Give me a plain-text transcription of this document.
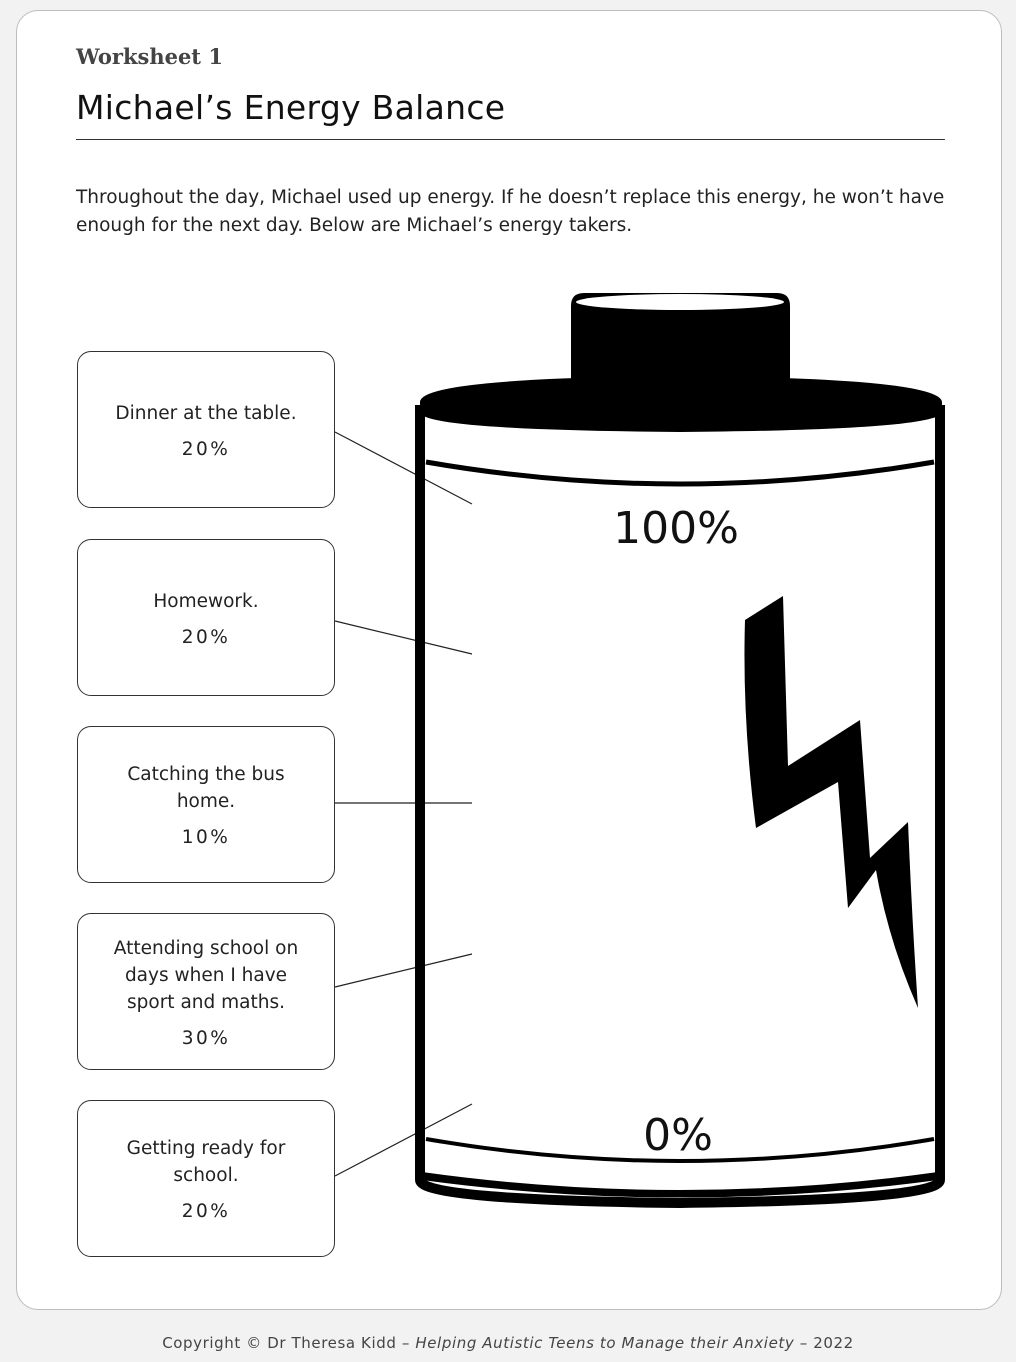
Worksheet 1
Michael’s Energy Balance
Throughout the day, Michael used up energy. If he doesn’t replace this energy, he won’t have enough for the next day. Below are Michael’s energy takers.
100%
0%
Dinner at the table.
20%
Homework.
20%
Catching the bus home.
10%
Attending school on days when I have sport and maths.
30%
Getting ready for school.
20%
Copyright © Dr Theresa Kidd – Helping Autistic Teens to Manage their Anxiety – 2022
